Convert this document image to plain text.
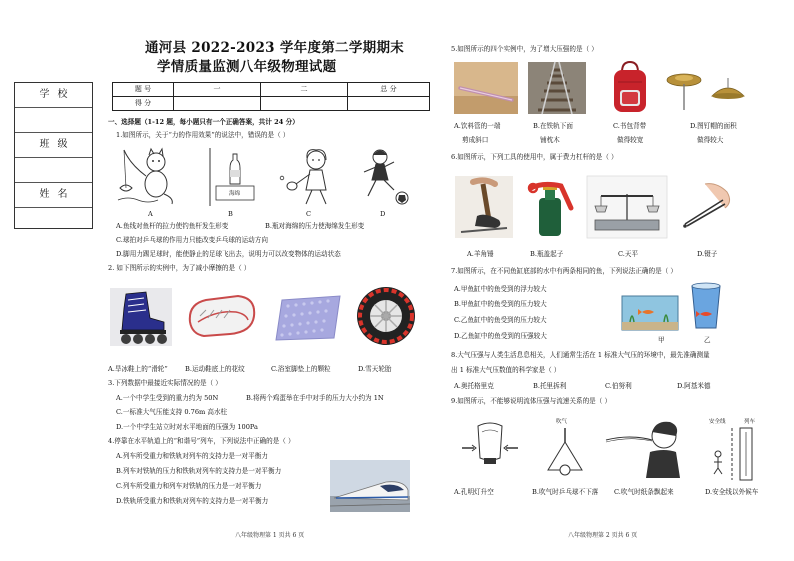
学校
班级
姓名
通河县 2022-2023 学年度第二学期期末
学情质量监测八年级物理试题
题 号	一	二	总 分
得 分			
一、选择题（1-12 题，每小题只有一个正确答案，共计 24 分）
1.如图所示，关于“力的作用效果”的说法中，错误的是（ ）
A
海绵
B	C	D
A.鱼线对鱼杆的拉力使钓鱼杆发生形变	B.瓶对海绵的压力使海绵发生形变
C.球拍对乒乓球的作用力只能改变乒乓球的运动方向
D.脚用力踢足球时，能使静止的足球飞出去，说明力可以改变物体的运动状态
2. 如下图所示的实例中，为了减小摩擦的是（ ）
A.旱冰鞋上的“滑轮”	B.运动鞋底上的花纹	C.浴室脚垫上的颗粒	D.雪天轮胎
3.下列数据中最接近实际情况的是（ ）
A.一个中学生受到的重力约为 50N	B.将两个鸡蛋举在手中对手的压力大小约为 1N
C.一标准大气压能支持 0.76m 高水柱
D.一个中学生站立时对水平地面的压强为 100Pa
4.停靠在水平轨道上的“和谐号”列车，下列说法中正确的是（ ）
A.列车所受重力和铁轨对列车的支持力是一对平衡力
B.列车对铁轨的压力和铁轨对列车的支持力是一对平衡力
C.列车所受重力和列车对铁轨的压力是一对平衡力
D.铁轨所受重力和铁轨对列车的支持力是一对平衡力
八年级物理第 1 页共 6 页
5.如图所示的四个实例中，为了增大压强的是（ ）
A.饮料管的一端
剪成斜口
B.在铁轨下面
铺枕木
C.书包背带
做得较宽
D.图钉帽的面积
做得较大
6.如图所示，下列工具的使用中，属于费力杠杆的是（ ）
A.羊角锤	B.瓶盖起子	C.天平	D.镊子
7.如图所示，在不同鱼缸底部的水中有两条相同的鱼，下列说法正确的是（ ）
A.甲鱼缸中的鱼受到的浮力较大
B.甲鱼缸中的鱼受到的压力较大
C.乙鱼缸中的鱼受到的压力较大
D.乙鱼缸中的鱼受到的压强较大	甲	乙
8.大气压强与人类生活息息相关，人们通常生活在 1 标准大气压的环境中，最先准确测量
出 1 标准大气压数值的科学家是（ ）
A.奥托格里克	B.托里拆利	C.伯努利	D.阿基米德
9.如图所示，不能够说明流体压强与流速关系的是（ ）
吹气	安全线	列车
A.孔明灯升空	B.吹气时乒乓球不下落 C.吹气时纸条飘起来	D.安全线以外候车
八年级物理第 2 页共 6 页
